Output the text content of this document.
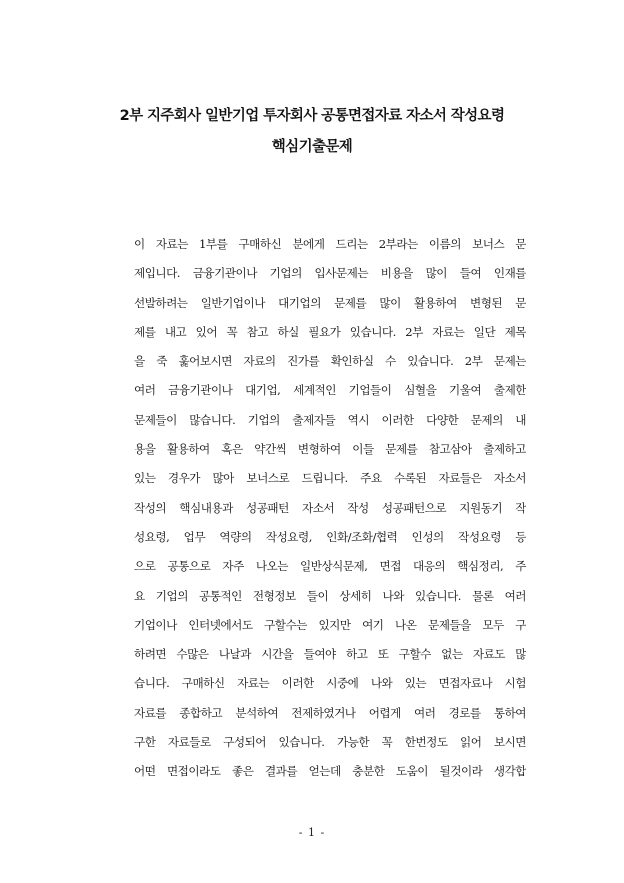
2부 지주회사 일반기업 투자회사 공통면접자료 자소서 작성요령
핵심기출문제
이 자료는 1부를 구매하신 분에게 드리는 2부라는 이름의 보너스 문
제입니다. 금융기관이나 기업의 입사문제는 비용을 많이 들여 인재를
선발하려는 일반기업이나 대기업의 문제를 많이 활용하여 변형된 문
제를 내고 있어 꼭 참고 하실 필요가 있습니다. 2부 자료는 일단 제목
을 죽 훑어보시면 자료의 진가를 확인하실 수 있습니다. 2부 문제는
여러 금융기관이나 대기업, 세계적인 기업들이 심혈을 기울여 출제한
문제들이 많습니다. 기업의 출제자들 역시 이러한 다양한 문제의 내
용을 활용하여 혹은 약간씩 변형하여 이들 문제를 참고삼아 출제하고
있는 경우가 많아 보너스로 드립니다. 주요 수록된 자료들은 자소서
작성의 핵심내용과 성공패턴 자소서 작성 성공패턴으로 지원동기 작
성요령, 업무 역량의 작성요령, 인화/조화/협력 인성의 작성요령 등
으로 공통으로 자주 나오는 일반상식문제, 면접 대응의 핵심정리, 주
요 기업의 공통적인 전형정보 들이 상세히 나와 있습니다. 물론 여러
기업이나 인터넷에서도 구할수는 있지만 여기 나온 문제들을 모두 구
하려면 수많은 나날과 시간을 들여야 하고 또 구할수 없는 자료도 많
습니다. 구매하신 자료는 이러한 시중에 나와 있는 면접자료나 시험
자료를 종합하고 분석하여 전제하였거나 어렵게 여러 경로를 통하여
구한 자료들로 구성되어 있습니다. 가능한 꼭 한번정도 읽어 보시면
어떤 면접이라도 좋은 결과를 얻는데 충분한 도움이 될것이라 생각합
- 1 -
